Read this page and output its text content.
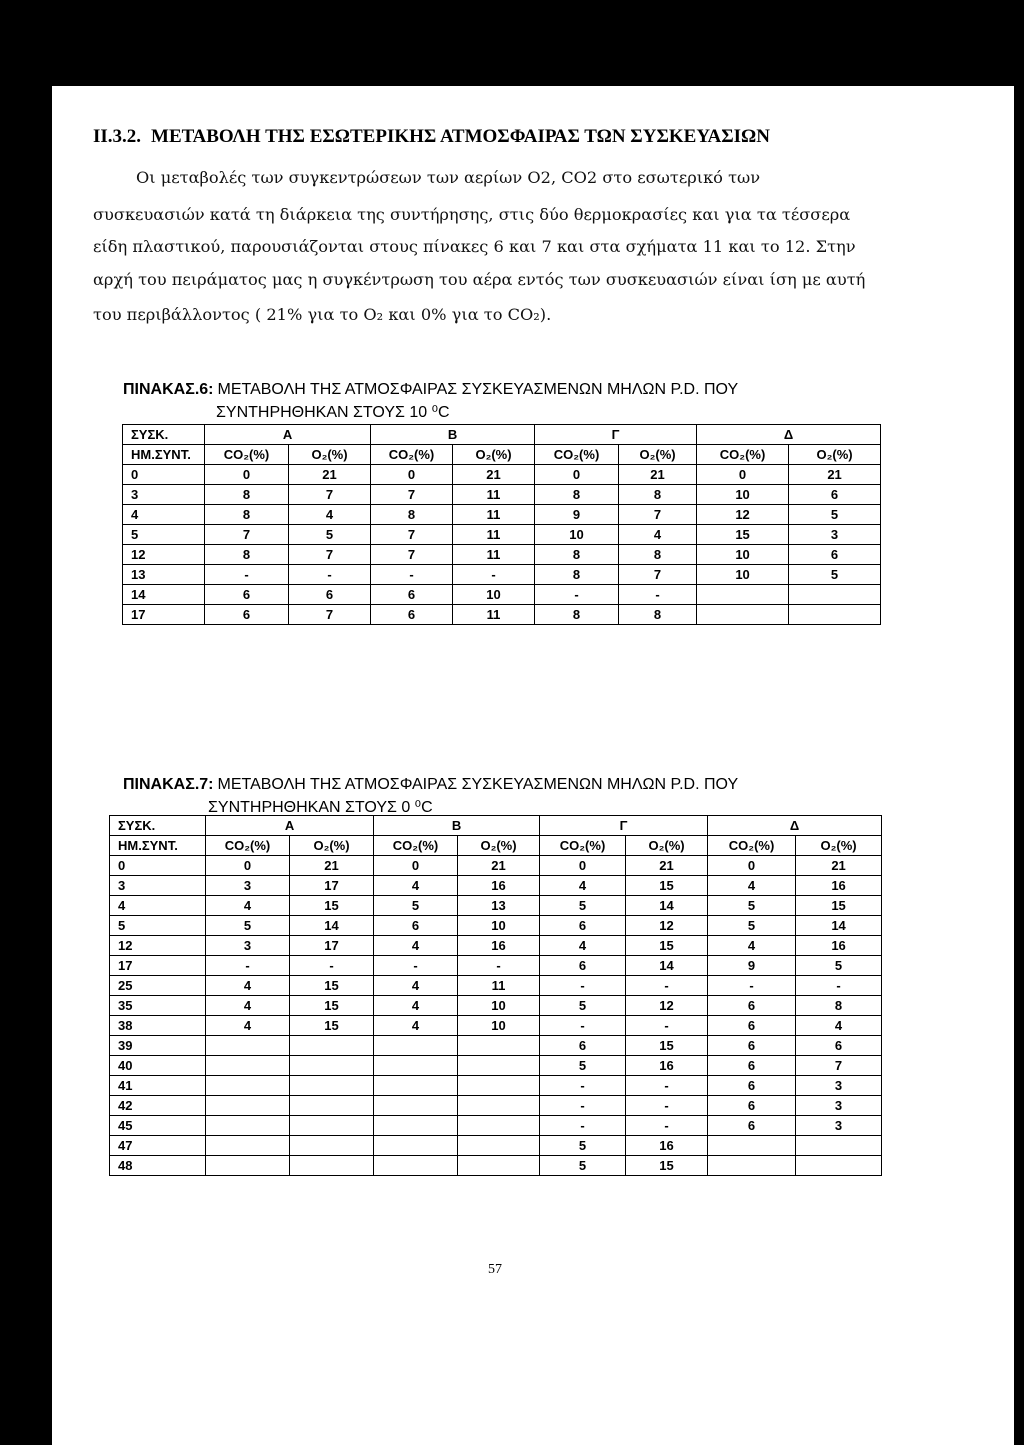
II.3.2. ΜΕΤΑΒΟΛΗ ΤΗΣ ΕΣΩΤΕΡΙΚΗΣ ΑΤΜΟΣΦΑΙΡΑΣ ΤΩΝ ΣΥΣΚΕΥΑΣΙΩΝ
Οι μεταβολές των συγκεντρώσεων των αερίων Ο2, CO2 στο εσωτερικό των
συσκευασιών κατά τη διάρκεια της συντήρησης, στις δύο θερμοκρασίες και για τα τέσσερα
είδη πλαστικού, παρουσιάζονται στους πίνακες 6 και 7 και στα σχήματα 11 και το 12. Στην
αρχή του πειράματος μας η συγκέντρωση του αέρα εντός των συσκευασιών είναι ίση με αυτή
του περιβάλλοντος ( 21% για το O₂ και 0% για το CO₂).
ΠΙΝΑΚΑΣ.6: ΜΕΤΑΒΟΛΗ ΤΗΣ ΑΤΜΟΣΦΑΙΡΑΣ ΣΥΣΚΕΥΑΣΜΕΝΩΝ ΜΗΛΩΝ P.D. ΠΟΥ
ΣΥΝΤΗΡΗΘΗΚΑΝ ΣΤΟΥΣ 10 ⁰C
ΣΥΣΚ.	Α		Β		Γ		Δ	
ΗΜ.ΣΥΝΤ.	CO₂(%)	O₂(%)	CO₂(%)	O₂(%)	CO₂(%)	O₂(%)	CO₂(%)	O₂(%)
0	0	21	0	21	0	21	0	21
3	8	7	7	11	8	8	10	6
4	8	4	8	11	9	7	12	5
5	7	5	7	11	10	4	15	3
12	8	7	7	11	8	8	10	6
13	-	-	-	-	8	7	10	5
14	6	6	6	10	-	-		
17	6	7	6	11	8	8		
ΠΙΝΑΚΑΣ.7: ΜΕΤΑΒΟΛΗ ΤΗΣ ΑΤΜΟΣΦΑΙΡΑΣ ΣΥΣΚΕΥΑΣΜΕΝΩΝ ΜΗΛΩΝ P.D. ΠΟΥ
ΣΥΝΤΗΡΗΘΗΚΑΝ ΣΤΟΥΣ 0 ⁰C
ΣΥΣΚ.	Α		Β		Γ		Δ	
ΗΜ.ΣΥΝΤ.	CO₂(%)	O₂(%)	CO₂(%)	O₂(%)	CO₂(%)	O₂(%)	CO₂(%)	O₂(%)
0	0	21	0	21	0	21	0	21
3	3	17	4	16	4	15	4	16
4	4	15	5	13	5	14	5	15
5	5	14	6	10	6	12	5	14
12	3	17	4	16	4	15	4	16
17	-	-	-	-	6	14	9	5
25	4	15	4	11	-	-	-	-
35	4	15	4	10	5	12	6	8
38	4	15	4	10	-	-	6	4
39					6	15	6	6
40					5	16	6	7
41					-	-	6	3
42					-	-	6	3
45					-	-	6	3
47					5	16		
48					5	15		
57
